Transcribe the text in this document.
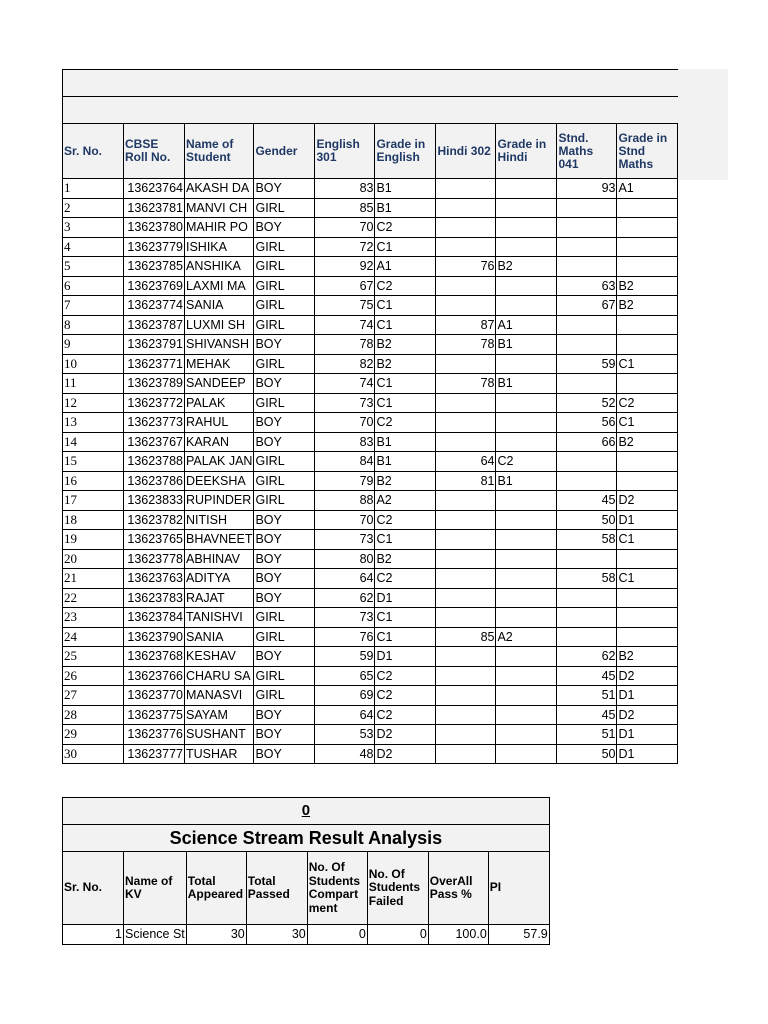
Sr. No.	CBSE Roll No.	Name of Student	Gender	English 301	Grade in English	Hindi 302	Grade in Hindi	Stnd. Maths 041	Grade in Stnd Maths
1	13623764	AKASH DA	BOY	83	B1			93	A1
2	13623781	MANVI CH	GIRL	85	B1				
3	13623780	MAHIR PO	BOY	70	C2				
4	13623779	ISHIKA	GIRL	72	C1				
5	13623785	ANSHIKA	GIRL	92	A1	76	B2		
6	13623769	LAXMI MA	GIRL	67	C2			63	B2
7	13623774	SANIA	GIRL	75	C1			67	B2
8	13623787	LUXMI SH	GIRL	74	C1	87	A1		
9	13623791	SHIVANSH	BOY	78	B2	78	B1		
10	13623771	MEHAK	GIRL	82	B2			59	C1
11	13623789	SANDEEP	BOY	74	C1	78	B1		
12	13623772	PALAK	GIRL	73	C1			52	C2
13	13623773	RAHUL	BOY	70	C2			56	C1
14	13623767	KARAN	BOY	83	B1			66	B2
15	13623788	PALAK JAN	GIRL	84	B1	64	C2		
16	13623786	DEEKSHA	GIRL	79	B2	81	B1		
17	13623833	RUPINDER	GIRL	88	A2			45	D2
18	13623782	NITISH	BOY	70	C2			50	D1
19	13623765	BHAVNEET	BOY	73	C1			58	C1
20	13623778	ABHINAV	BOY	80	B2				
21	13623763	ADITYA	BOY	64	C2			58	C1
22	13623783	RAJAT	BOY	62	D1				
23	13623784	TANISHVI	GIRL	73	C1				
24	13623790	SANIA	GIRL	76	C1	85	A2		
25	13623768	KESHAV	BOY	59	D1			62	B2
26	13623766	CHARU SA	GIRL	65	C2			45	D2
27	13623770	MANASVI	GIRL	69	C2			51	D1
28	13623775	SAYAM	BOY	64	C2			45	D2
29	13623776	SUSHANT	BOY	53	D2			51	D1
30	13623777	TUSHAR	BOY	48	D2			50	D1
0							
Science Stream Result Analysis							
Sr. No.	Name of KV	Total Appeared	Total Passed	No. Of Students Compart ment	No. Of Students Failed	OverAll Pass %	PI
1	Science St	30	30	0	0	100.0	57.9
